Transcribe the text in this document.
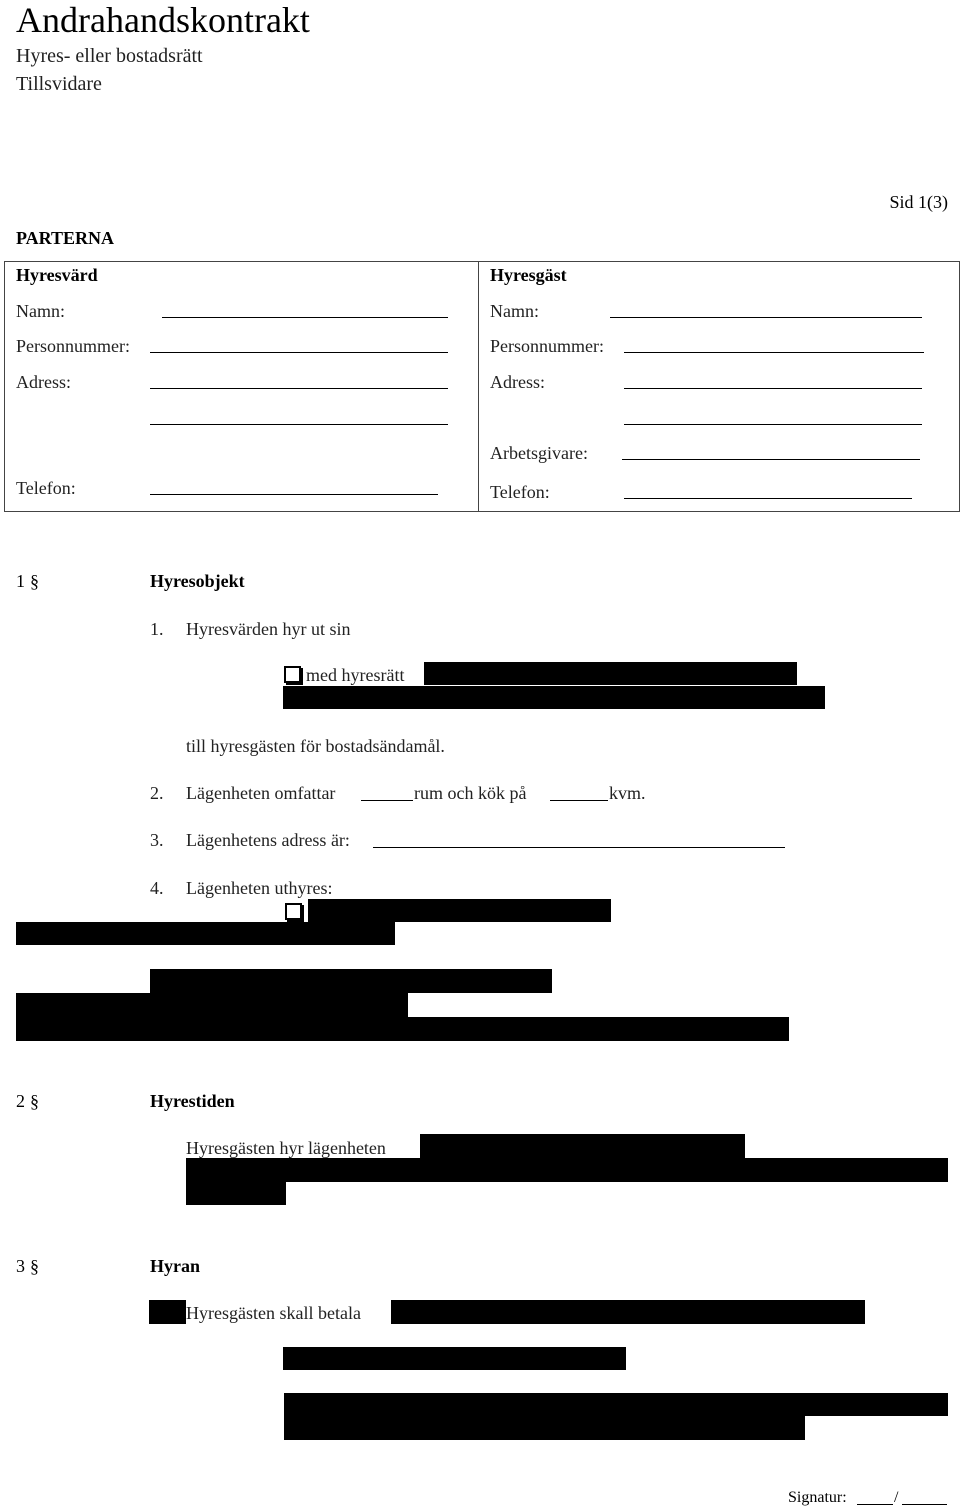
Andrahandskontrakt
Hyres- eller bostadsrätt
Tillsvidare
Sid 1(3)
PARTERNA
Hyresvärd
Namn:
Personnummer:
Adress:
Telefon:
Hyresgäst
Namn:
Personnummer:
Adress:
Arbetsgivare:
Telefon:
1 §	Hyresobjekt
1. Hyresvärden hyr ut sin
med hyresrätt
till hyresgästen för bostadsändamål.
2. Lägenheten omfattar	rum och kök på	kvm.
3. Lägenhetens adress är:
4. Lägenheten uthyres:
2 §	Hyrestiden
Hyresgästen hyr lägenheten
3 §	Hyran
Hyresgästen skall betala
Signatur:	/
